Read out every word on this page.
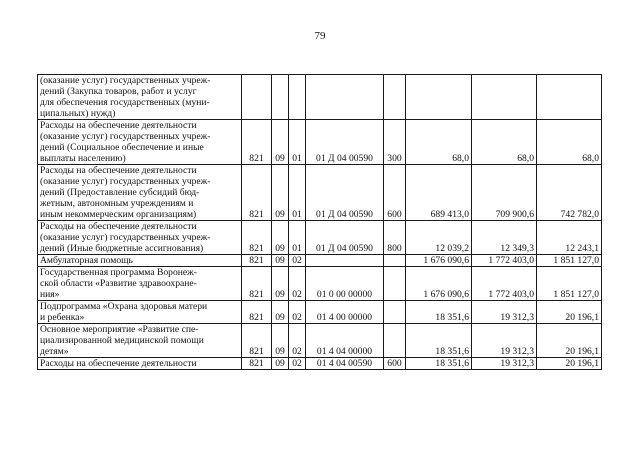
79
(оказание услуг) государственных учреж-
дений (Закупка товаров, работ и услуг
для обеспечения государственных (муни-
ципальных) нужд)								

Расходы на обеспечение деятельности
(оказание услуг) государственных учреж-
дений (Социальное обеспечение и иные
выплаты населению)	821	09	01	01 Д 04 00590	300	68,0	68,0	68,0

Расходы на обеспечение деятельности
(оказание услуг) государственных учреж-
дений (Предоставление субсидий бюд-
жетным, автономным учреждениям и
иным некоммерческим организациям)	821	09	01	01 Д 04 00590	600	689 413,0	709 900,6	742 782,0

Расходы на обеспечение деятельности
(оказание услуг) государственных учреж-
дений (Иные бюджетные ассигнования)	821	09	01	01 Д 04 00590	800	12 039,2	12 349,3	12 243,1

Амбулаторная помощь	821	09	02			1 676 090,6	1 772 403,0	1 851 127,0

Государственная программа Воронеж-
ской области «Развитие здравоохране-
ния»	821	09	02	01 0 00 00000		1 676 090,6	1 772 403,0	1 851 127,0

Подпрограмма «Охрана здоровья матери
и ребенка»	821	09	02	01 4 00 00000		18 351,6	19 312,3	20 196,1

Основное мероприятие «Развитие спе-
циализированной медицинской помощи
детям»	821	09	02	01 4 04 00000		18 351,6	19 312,3	20 196,1

Расходы на обеспечение деятельности	821	09	02	01 4 04 00590	600	18 351,6	19 312,3	20 196,1
